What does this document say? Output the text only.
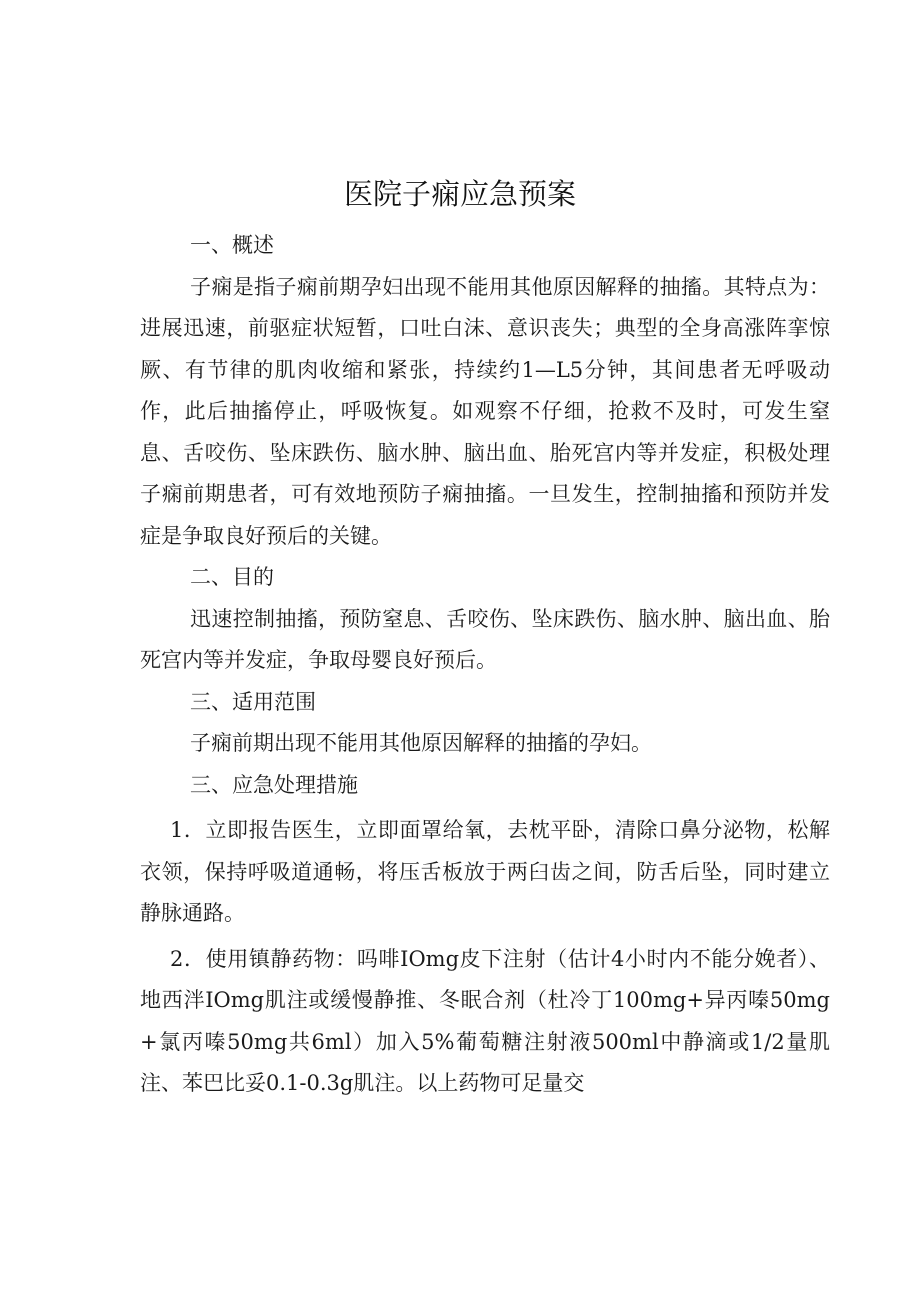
医院子痫应急预案

一、概述

子痫是指子痫前期孕妇出现不能用其他原因解释的抽搐。其特点为：进展迅速，前驱症状短暂，口吐白沫、意识丧失；典型的全身高涨阵挛惊厥、有节律的肌肉收缩和紧张，持续约1—L5分钟，其间患者无呼吸动作，此后抽搐停止，呼吸恢复。如观察不仔细，抢救不及时，可发生窒息、舌咬伤、坠床跌伤、脑水肿、脑出血、胎死宫内等并发症，积极处理子痫前期患者，可有效地预防子痫抽搐。一旦发生，控制抽搐和预防并发症是争取良好预后的关键。

二、目的

迅速控制抽搐，预防窒息、舌咬伤、坠床跌伤、脑水肿、脑出血、胎死宫内等并发症，争取母婴良好预后。

三、适用范围

子痫前期出现不能用其他原因解释的抽搐的孕妇。

三、应急处理措施

1．立即报告医生，立即面罩给氧，去枕平卧，清除口鼻分泌物，松解衣领，保持呼吸道通畅，将压舌板放于两臼齿之间，防舌后坠，同时建立静脉通路。

2．使用镇静药物：吗啡IOmg皮下注射（估计4小时内不能分娩者）、地西泮IOmg肌注或缓慢静推、冬眠合剂（杜冷丁100mg+异丙嗪50mg+氯丙嗪50mg共6ml）加入5%葡萄糖注射液500ml中静滴或1/2量肌注、苯巴比妥0.1-0.3g肌注。以上药物可足量交
